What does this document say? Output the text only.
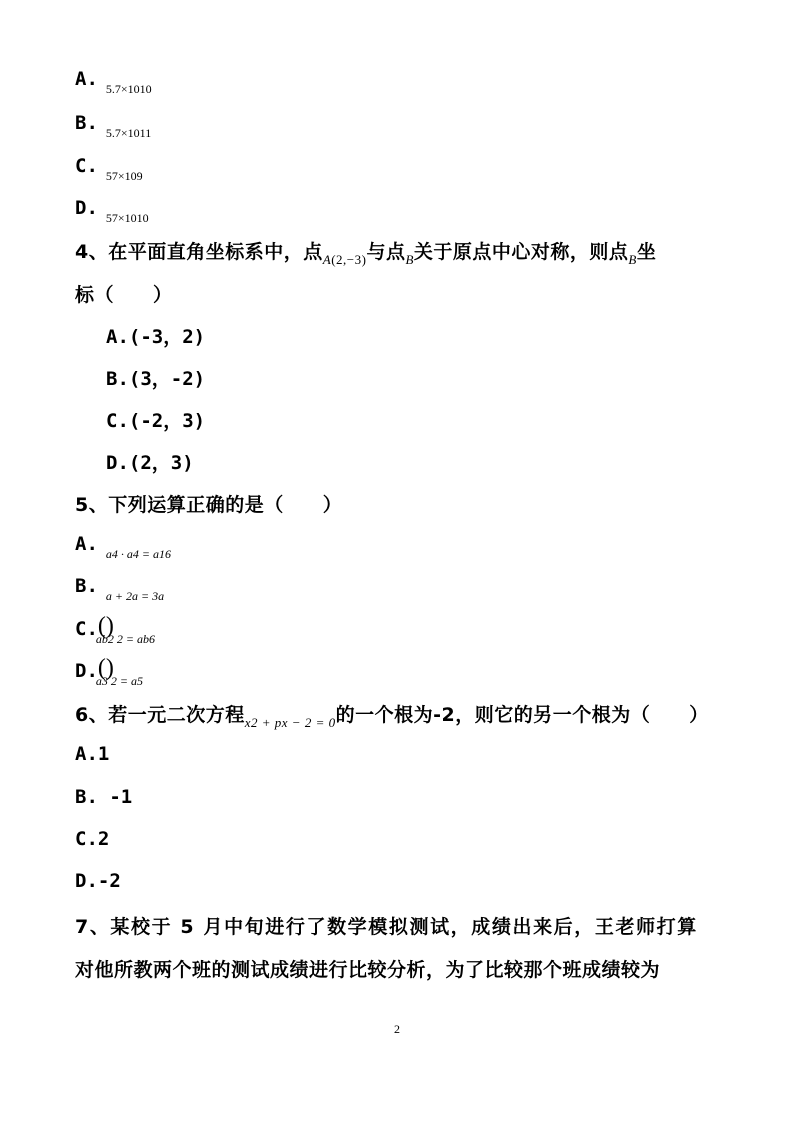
A. $_{5.7\times 1010}$
B. $_{5.7\times 1011}$
C. $_{57\times 109}$
D. $_{57\times 1010}$
4、在平面直角坐标系中，点$_{A(2,-3)}$与点$_B$关于原点中心对称，则点$_B$坐
标（　　）
A.(-3，2)
B.(3，-2)
C.(-2，3)
D.(2，3)
5、下列运算正确的是（　　）
A. $_{a4 \cdot a4 = a16}$
B. $_{a + 2a = 3a}$
$C.()_{ab2 2 = ab6}$
$D.()_{a3 2 = a5}$
6、若一元二次方程$_{x2 + px - 2 = 0}$的一个根为-2，则它的另一个根为（　　）
A.1
B. -1
C.2
D.-2
7、某校于 5 月中旬进行了数学模拟测试，成绩出来后，王老师打算
对他所教两个班的测试成绩进行比较分析，为了比较那个班成绩较为
2
